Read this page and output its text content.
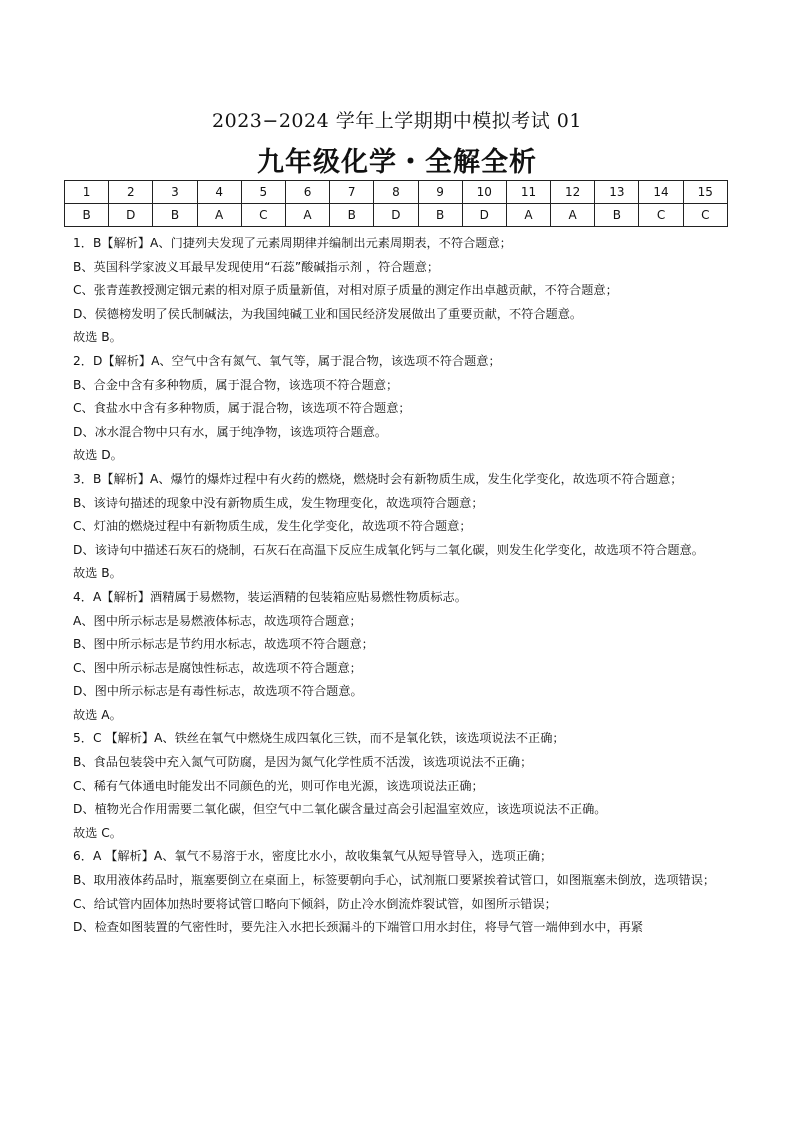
2023−2024 学年上学期期中模拟考试 01
九年级化学・全解全析
1	2	3	4	5	6	7	8	9	10	11	12	13	14	15
B	D	B	A	C	A	B	D	B	D	A	A	B	C	C
1．B【解析】A、门捷列夫发现了元素周期律并编制出元素周期表，不符合题意；
B、英国科学家波义耳最早发现使用“石蕊”酸碱指示剂 ，符合题意；
C、张青莲教授测定铟元素的相对原子质量新值，对相对原子质量的测定作出卓越贡献，不符合题意；
D、侯德榜发明了侯氏制碱法，为我国纯碱工业和国民经济发展做出了重要贡献，不符合题意。
故选 B。
2．D【解析】A、空气中含有氮气、氧气等，属于混合物，该选项不符合题意；
B、合金中含有多种物质，属于混合物，该选项不符合题意；
C、食盐水中含有多种物质，属于混合物，该选项不符合题意；
D、冰水混合物中只有水，属于纯净物，该选项符合题意。
故选 D。
3．B【解析】A、爆竹的爆炸过程中有火药的燃烧，燃烧时会有新物质生成，发生化学变化，故选项不符合题意；
B、该诗句描述的现象中没有新物质生成，发生物理变化，故选项符合题意；
C、灯油的燃烧过程中有新物质生成，发生化学变化，故选项不符合题意；
D、该诗句中描述石灰石的烧制，石灰石在高温下反应生成氧化钙与二氧化碳，则发生化学变化，故选项不符合题意。
故选 B。
4．A【解析】酒精属于易燃物，装运酒精的包装箱应贴易燃性物质标志。
A、图中所示标志是易燃液体标志，故选项符合题意；
B、图中所示标志是节约用水标志，故选项不符合题意；
C、图中所示标志是腐蚀性标志，故选项不符合题意；
D、图中所示标志是有毒性标志，故选项不符合题意。
故选 A。
5．C 【解析】A、铁丝在氧气中燃烧生成四氧化三铁，而不是氧化铁，该选项说法不正确；
B、食品包装袋中充入氮气可防腐，是因为氮气化学性质不活泼，该选项说法不正确；
C、稀有气体通电时能发出不同颜色的光，则可作电光源，该选项说法正确；
D、植物光合作用需要二氧化碳，但空气中二氧化碳含量过高会引起温室效应，该选项说法不正确。
故选 C。
6．A 【解析】A、氧气不易溶于水，密度比水小，故收集氧气从短导管导入，选项正确；
B、取用液体药品时，瓶塞要倒立在桌面上，标签要朝向手心，试剂瓶口要紧挨着试管口，如图瓶塞未倒放，选项错误；
C、给试管内固体加热时要将试管口略向下倾斜，防止冷水倒流炸裂试管，如图所示错误；
D、检查如图装置的气密性时，要先注入水把长颈漏斗的下端管口用水封住，将导气管一端伸到水中，再紧
